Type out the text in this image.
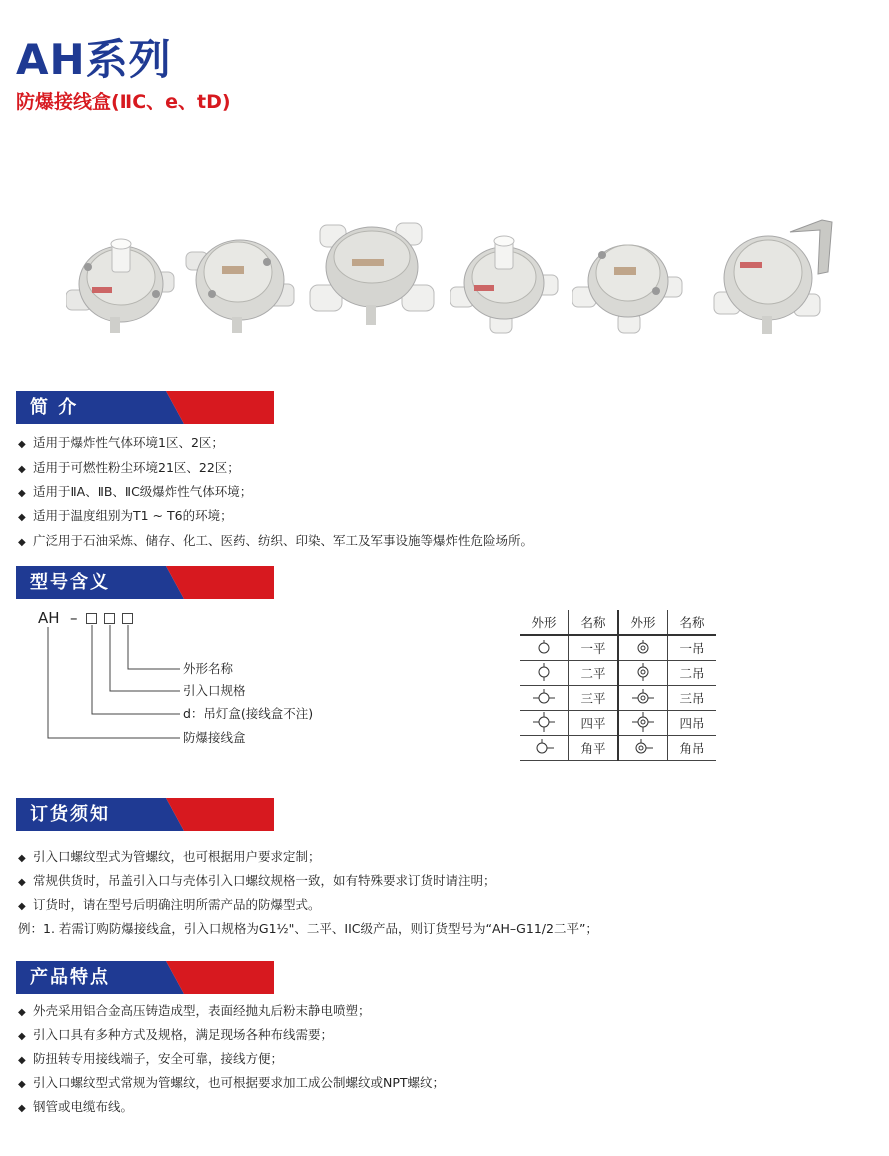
AH系列
防爆接线盒(ⅡC、e、tD)
简 介
◆ 适用于爆炸性气体环境1区、2区；
◆ 适用于可燃性粉尘环境21区、22区；
◆ 适用于ⅡA、ⅡB、ⅡC级爆炸性气体环境；
◆ 适用于温度组别为T1 ~ T6的环境；
◆ 广泛用于石油采炼、储存、化工、医药、纺织、印染、军工及军事设施等爆炸性危险场所。
型号含义
AH –
外形名称
引入口规格
d：吊灯盒(接线盒不注)
防爆接线盒
外形	名称	外形	名称
	一平		一吊
	二平		二吊
	三平		三吊
	四平		四吊
	角平		角吊
订货须知
◆ 引入口螺纹型式为管螺纹，也可根据用户要求定制；
◆ 常规供货时，吊盖引入口与壳体引入口螺纹规格一致，如有特殊要求订货时请注明；
◆ 订货时，请在型号后明确注明所需产品的防爆型式。
例：1. 若需订购防爆接线盒，引入口规格为G1½"、二平、IIC级产品，则订货型号为“AH–G11/2二平”；
产品特点
◆ 外壳采用铝合金高压铸造成型，表面经抛丸后粉末静电喷塑；
◆ 引入口具有多种方式及规格，满足现场各种布线需要；
◆ 防扭转专用接线端子，安全可靠，接线方便；
◆ 引入口螺纹型式常规为管螺纹，也可根据要求加工成公制螺纹或NPT螺纹；
◆ 钢管或电缆布线。
